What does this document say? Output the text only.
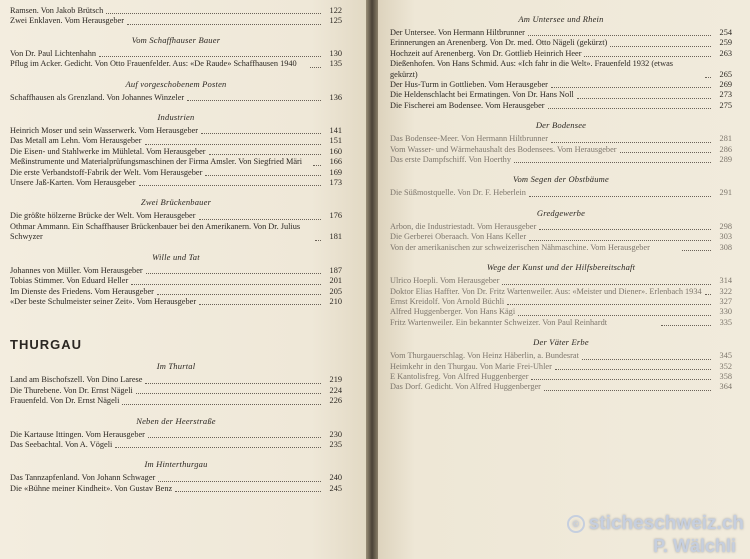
Ramsen. Von Jakob Brütsch	122
Zwei Enklaven. Vom Herausgeber	125
Vom Schaffhauser Bauer
Von Dr. Paul Lichtenhahn	130
Pflug im Acker. Gedicht. Von Otto Frauenfelder. Aus: «De Raude» Schaffhausen 1940	135
Auf vorgeschobenem Posten
Schaffhausen als Grenzland. Von Johannes Winzeler	136
Industrien
Heinrich Moser und sein Wasserwerk. Vom Herausgeber	141
Das Metall am Lehn. Vom Herausgeber	151
Die Eisen- und Stahlwerke im Mühletal. Vom Herausgeber	160
Meßinstrumente und Materialprüfungsmaschinen der Firma Amsler. Von Siegfried Märi	166
Die erste Verbandstoff-Fabrik der Welt. Vom Herausgeber	169
Unsere Jaß-Karten. Vom Herausgeber	173
Zwei Brückenbauer
Die größte hölzerne Brücke der Welt. Vom Herausgeber	176
Othmar Ammann. Ein Schaffhauser Brückenbauer bei den Amerikanern. Von Dr. Julius Schwyzer	181
Wille und Tat
Johannes von Müller. Vom Herausgeber	187
Tobias Stimmer. Von Eduard Heller	201
Im Dienste des Friedens. Vom Herausgeber	205
«Der beste Schulmeister seiner Zeit». Vom Herausgeber	210
THURGAU
Im Thurtal
Land am Bischofszell. Von Dino Larese	219
Die Thurebene. Von Dr. Ernst Nägeli	224
Frauenfeld. Von Dr. Ernst Nägeli	226
Neben der Heerstraße
Die Kartause Ittingen. Vom Herausgeber	230
Das Seebachtal. Von A. Vögeli	235
Im Hinterthurgau
Das Tannzapfenland. Von Johann Schwager	240
Die «Bühne meiner Kindheit». Von Gustav Benz	245
Am Untersee und Rhein
Der Untersee. Von Hermann Hiltbrunner	254
Erinnerungen an Arenenberg. Von Dr. med. Otto Nägeli (gekürzt)	259
Hochzeit auf Arenenberg. Von Dr. Gottlieb Heinrich Heer	263
Dießenhofen. Von Hans Schmid. Aus: «Ich fahr in die Welt». Frauenfeld 1932 (etwas gekürzt)	265
Der Hus-Turm in Gottlieben. Vom Herausgeber	269
Die Heldenschlacht bei Ermatingen. Von Dr. Hans Noll	273
Die Fischerei am Bodensee. Vom Herausgeber	275
Der Bodensee
Das Bodensee-Meer. Von Hermann Hiltbrunner	281
Vom Wasser- und Wärmehaushalt des Bodensees. Vom Herausgeber	286
Das erste Dampfschiff. Von Hoerthy	289
Vom Segen der Obstbäume
Die Süßmostquelle. Von Dr. F. Heberlein	291
Gredgewerbe
Arbon, die Industriestadt. Vom Herausgeber	298
Die Gerberei Oberaach. Von Hans Keller	303
Von der amerikanischen zur schweizerischen Nähmaschine. Vom Herausgeber	308
Wege der Kunst und der Hilfsbereitschaft
Ulrico Hoepli. Vom Herausgeber	314
Doktor Elias Haffter. Von Dr. Fritz Wartenweiler. Aus: «Meister und Diener». Erlenbach 1934	322
Ernst Kreidolf. Von Arnold Büchli	327
Alfred Huggenberger. Von Hans Kägi	330
Fritz Wartenweiler. Ein bekannter Schweizer. Von Paul Reinhardt	335
Der Väter Erbe
Vom Thurgauerschlag. Von Heinz Häberlin, a. Bundesrat	345
Heimkehr in den Thurgau. Von Marie Frei-Uhler	352
E Kantolisfreg. Von Alfred Huggenberger	358
Das Dorf. Gedicht. Von Alfred Huggenberger	364
© sticheschweiz.ch
P. Wälchli
